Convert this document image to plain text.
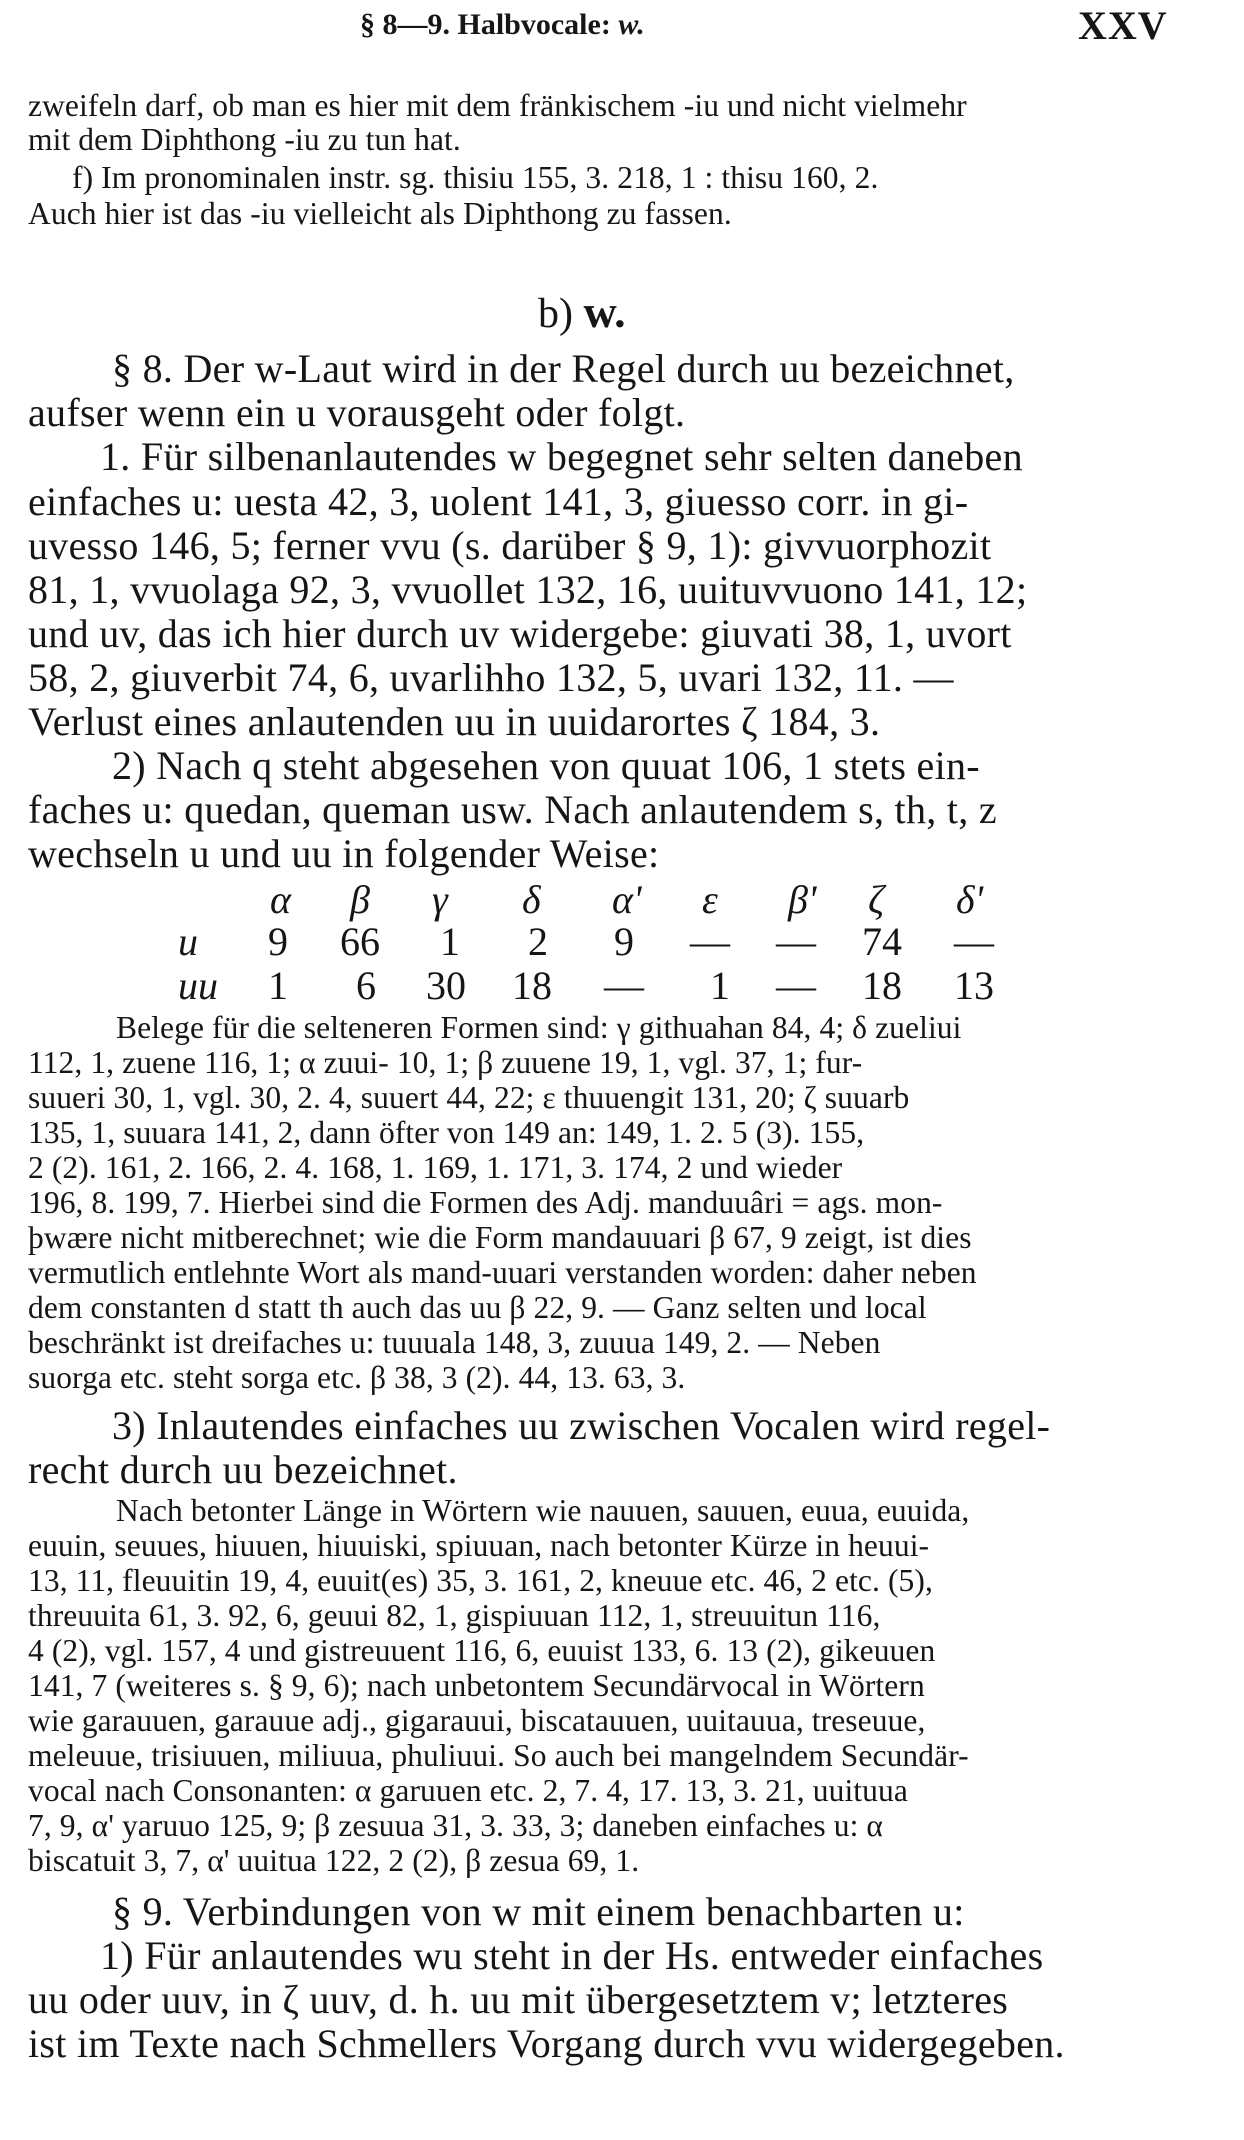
§ 8—9. Halbvocale: w.	XXV
zweifeln darf, ob man es hier mit dem fränkischem -iu und nicht vielmehr
mit dem Diphthong -iu zu tun hat.
f) Im pronominalen instr. sg. thisiu 155, 3. 218, 1 : thisu 160, 2.
Auch hier ist das -iu vielleicht als Diphthong zu fassen.
b) w.
§ 8. Der w-Laut wird in der Regel durch uu bezeichnet,
aufser wenn ein u vorausgeht oder folgt.
1. Für silbenanlautendes w begegnet sehr selten daneben
einfaches u: uesta 42, 3, uolent 141, 3, giuesso corr. in gi-
uvesso 146, 5; ferner vvu (s. darüber § 9, 1): givvuorphozit
81, 1, vvuolaga 92, 3, vvuollet 132, 16, uuituvvuono 141, 12;
und uv, das ich hier durch uv widergebe: giuvati 38, 1, uvort
58, 2, giuverbit 74, 6, uvarlihho 132, 5, uvari 132, 11. —
Verlust eines anlautenden uu in uuidarortes ζ 184, 3.
2) Nach q steht abgesehen von quuat 106, 1 stets ein-
faches u: quedan, queman usw. Nach anlautendem s, th, t, z
wechseln u und uu in folgender Weise:
α β γ δ α' ε β' ζ δ'
u 9 66 1 2 9 — — 74 —
uu 1 6 30 18 — 1 — 18 13
Belege für die selteneren Formen sind: γ githuahan 84, 4; δ zueliui
112, 1, zuene 116, 1; α zuui- 10, 1; β zuuene 19, 1, vgl. 37, 1; fur-
suueri 30, 1, vgl. 30, 2. 4, suuert 44, 22; ε thuuengit 131, 20; ζ suuarb
135, 1, suuara 141, 2, dann öfter von 149 an: 149, 1. 2. 5 (3). 155,
2 (2). 161, 2. 166, 2. 4. 168, 1. 169, 1. 171, 3. 174, 2 und wieder
196, 8. 199, 7. Hierbei sind die Formen des Adj. manduuâri = ags. mon-
þwære nicht mitberechnet; wie die Form mandauuari β 67, 9 zeigt, ist dies
vermutlich entlehnte Wort als mand-uuari verstanden worden: daher neben
dem constanten d statt th auch das uu β 22, 9. — Ganz selten und local
beschränkt ist dreifaches u: tuuuala 148, 3, zuuua 149, 2. — Neben
suorga etc. steht sorga etc. β 38, 3 (2). 44, 13. 63, 3.
3) Inlautendes einfaches uu zwischen Vocalen wird regel-
recht durch uu bezeichnet.
Nach betonter Länge in Wörtern wie nauuen, sauuen, euua, euuida,
euuin, seuues, hiuuen, hiuuiski, spiuuan, nach betonter Kürze in heuui-
13, 11, fleuuitin 19, 4, euuit(es) 35, 3. 161, 2, kneuue etc. 46, 2 etc. (5),
threuuita 61, 3. 92, 6, geuui 82, 1, gispiuuan 112, 1, streuuitun 116,
4 (2), vgl. 157, 4 und gistreuuent 116, 6, euuist 133, 6. 13 (2), gikeuuen
141, 7 (weiteres s. § 9, 6); nach unbetontem Secundärvocal in Wörtern
wie garauuen, garauue adj., gigarauui, biscatauuen, uuitauua, treseuue,
meleuue, trisiuuen, miliuua, phuliuui. So auch bei mangelndem Secundär-
vocal nach Consonanten: α garuuen etc. 2, 7. 4, 17. 13, 3. 21, uuituua
7, 9, α' yaruuo 125, 9; β zesuua 31, 3. 33, 3; daneben einfaches u: α
biscatuit 3, 7, α' uuitua 122, 2 (2), β zesua 69, 1.
§ 9. Verbindungen von w mit einem benachbarten u:
1) Für anlautendes wu steht in der Hs. entweder einfaches
uu oder uuv, in ζ uuv, d. h. uu mit übergesetztem v; letzteres
ist im Texte nach Schmellers Vorgang durch vvu widergegeben.
